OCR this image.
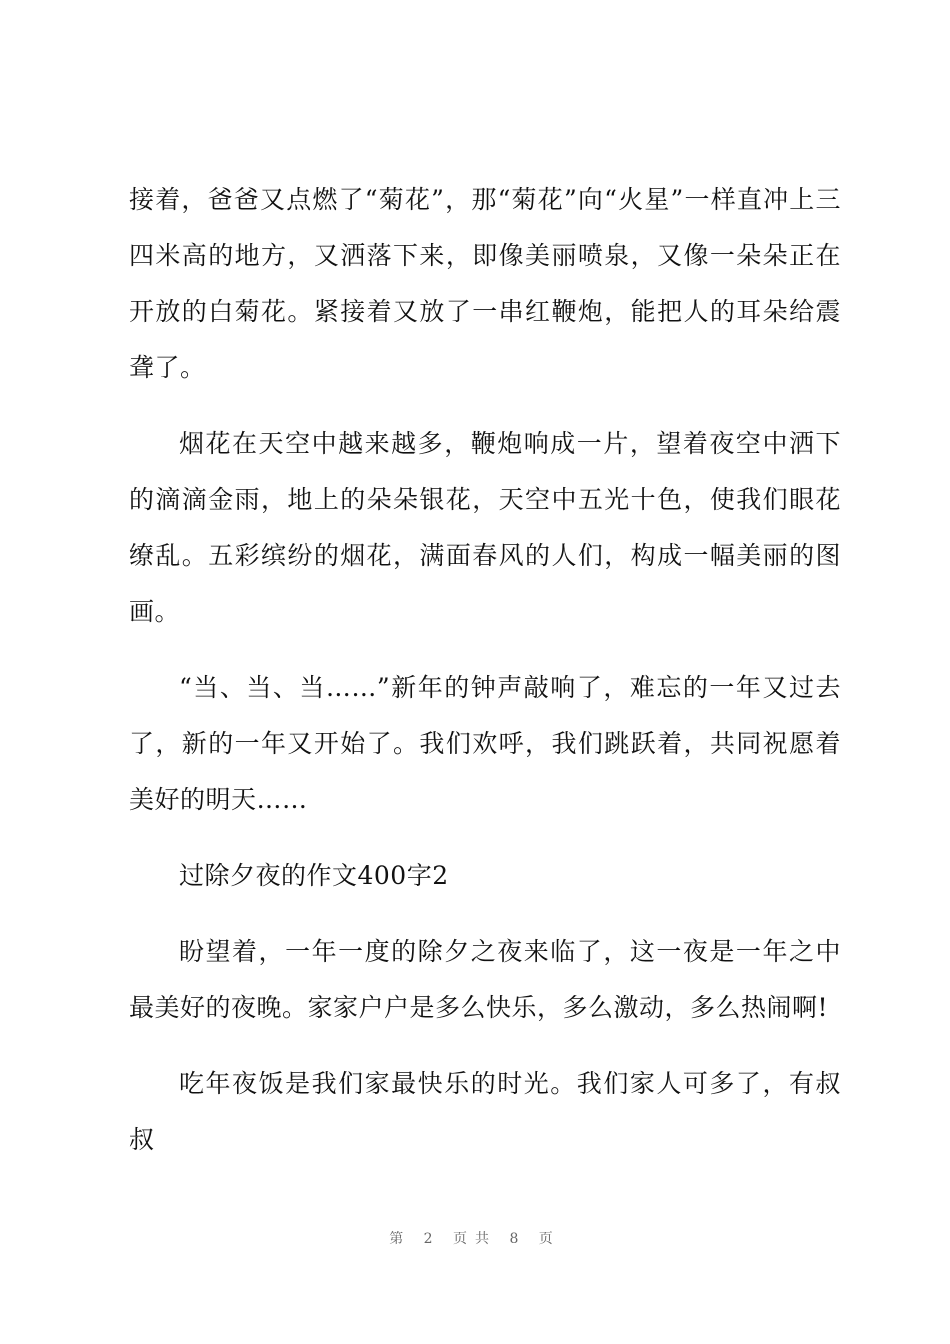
接着，爸爸又点燃了“菊花”，那“菊花”向“火星”一样直冲上三四米高的地方，又洒落下来，即像美丽喷泉，又像一朵朵正在开放的白菊花。紧接着又放了一串红鞭炮，能把人的耳朵给震聋了。

烟花在天空中越来越多，鞭炮响成一片，望着夜空中洒下的滴滴金雨，地上的朵朵银花，天空中五光十色，使我们眼花缭乱。五彩缤纷的烟花，满面春风的人们，构成一幅美丽的图画。

“当、当、当……”新年的钟声敲响了，难忘的一年又过去了，新的一年又开始了。我们欢呼，我们跳跃着，共同祝愿着美好的明天……

过除夕夜的作文400字2

盼望着，一年一度的除夕之夜来临了，这一夜是一年之中最美好的夜晚。家家户户是多么快乐，多么激动，多么热闹啊!

吃年夜饭是我们家最快乐的时光。我们家人可多了，有叔叔

第 2 页共 8 页
